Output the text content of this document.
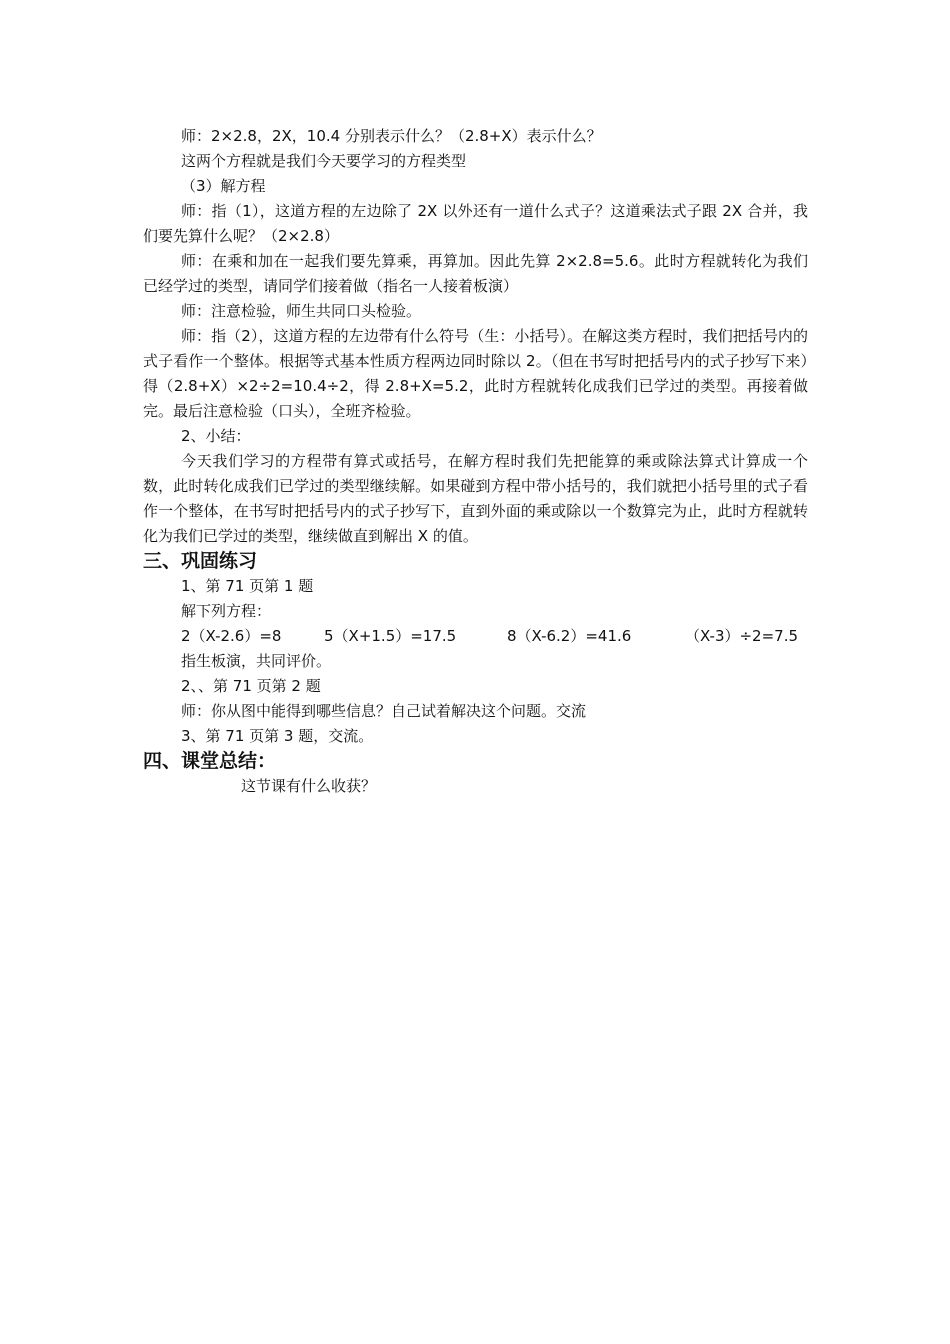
师：2×2.8，2X，10.4 分别表示什么？（2.8+X）表示什么？

这两个方程就是我们今天要学习的方程类型

（3）解方程

师：指（1），这道方程的左边除了 2X 以外还有一道什么式子？这道乘法式子跟 2X 合并，我们要先算什么呢？（2×2.8）

师：在乘和加在一起我们要先算乘，再算加。因此先算 2×2.8=5.6。此时方程就转化为我们已经学过的类型，请同学们接着做（指名一人接着板演）

师：注意检验，师生共同口头检验。

师：指（2），这道方程的左边带有什么符号（生：小括号）。在解这类方程时，我们把括号内的式子看作一个整体。根据等式基本性质方程两边同时除以 2。（但在书写时把括号内的式子抄写下来）得（2.8+X）×2÷2=10.4÷2，得 2.8+X=5.2，此时方程就转化成我们已学过的类型。再接着做完。最后注意检验（口头），全班齐检验。

2、小结：

今天我们学习的方程带有算式或括号，在解方程时我们先把能算的乘或除法算式计算成一个数，此时转化成我们已学过的类型继续解。如果碰到方程中带小括号的，我们就把小括号里的式子看作一个整体，在书写时把括号内的式子抄写下，直到外面的乘或除以一个数算完为止，此时方程就转化为我们已学过的类型，继续做直到解出 X 的值。

三、巩固练习

1、第 71 页第 1 题

解下列方程：

2（X-2.6）=8	5（X+1.5）=17.5	8（X-6.2）=41.6	（X-3）÷2=7.5

指生板演，共同评价。

2、、第 71 页第 2 题

师：你从图中能得到哪些信息？自己试着解决这个问题。交流

3、第 71 页第 3 题，交流。

四、课堂总结：

这节课有什么收获？
